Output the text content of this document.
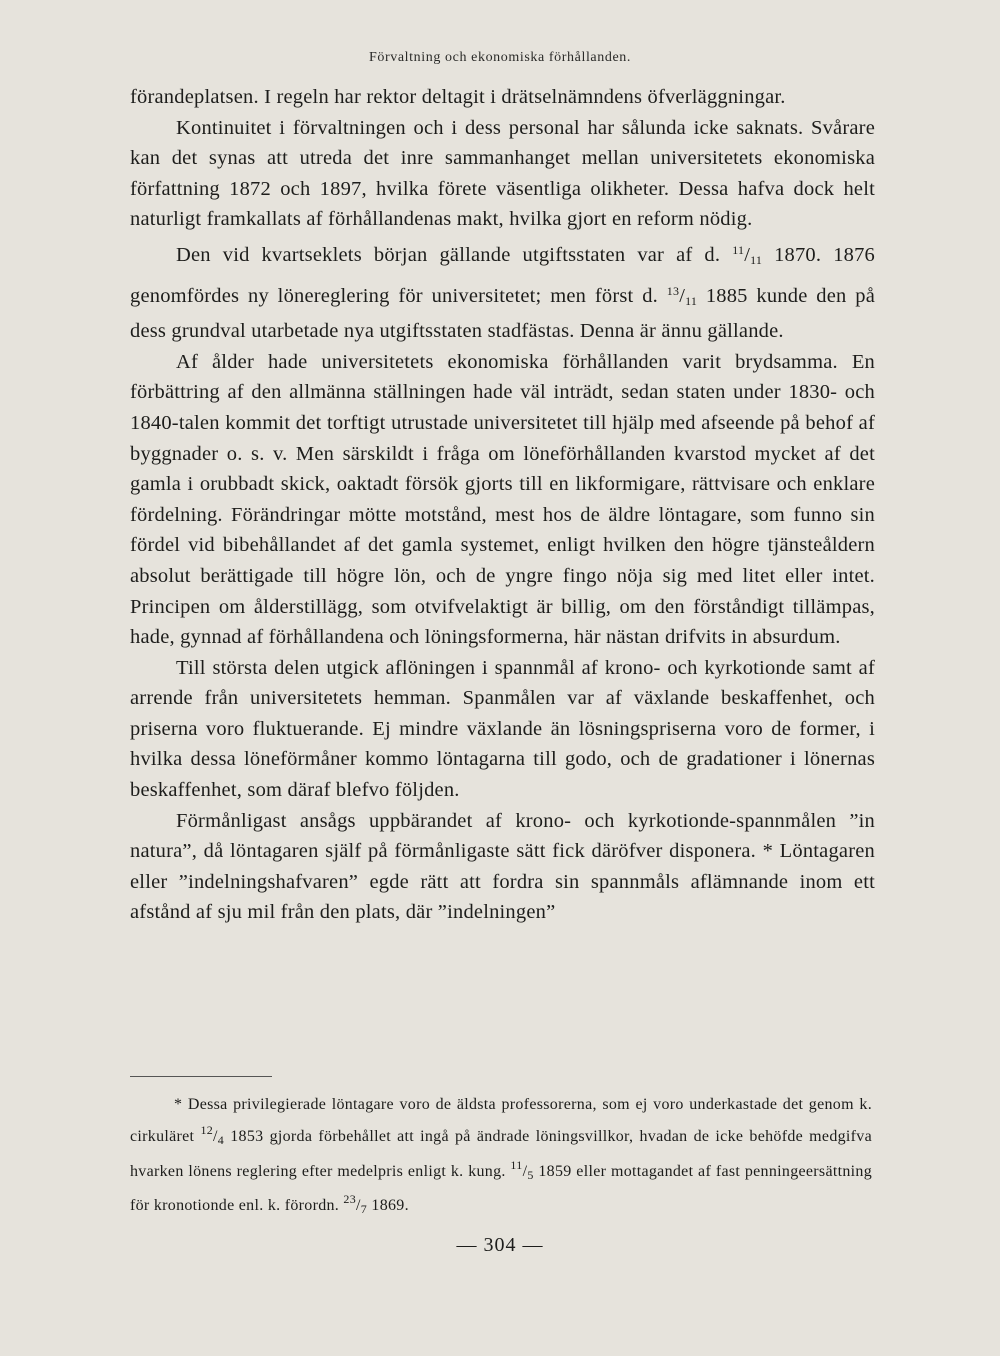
Förvaltning och ekonomiska förhållanden.

förandeplatsen. I regeln har rektor deltagit i drätselnämndens öfverläggningar.

Kontinuitet i förvaltningen och i dess personal har sålunda icke saknats. Svårare kan det synas att utreda det inre sammanhanget mellan universitetets ekonomiska författning 1872 och 1897, hvilka förete väsentliga olikheter. Dessa hafva dock helt naturligt framkallats af förhållandenas makt, hvilka gjort en reform nödig.

Den vid kvartseklets början gällande utgiftsstaten var af d. $^{11}$/11 1870. 1876 genomfördes ny lönereglering för universitetet; men först d. $^{13}$/11 1885 kunde den på dess grundval utarbetade nya utgiftsstaten stadfästas. Denna är ännu gällande.

Af ålder hade universitetets ekonomiska förhållanden varit brydsamma. En förbättring af den allmänna ställningen hade väl inträdt, sedan staten under 1830- och 1840-talen kommit det torftigt utrustade universitetet till hjälp med afseende på behof af byggnader o. s. v. Men särskildt i fråga om löneförhållanden kvarstod mycket af det gamla i orubbadt skick, oaktadt försök gjorts till en likformigare, rättvisare och enklare fördelning. Förändringar mötte motstånd, mest hos de äldre löntagare, som funno sin fördel vid bibehållandet af det gamla systemet, enligt hvilken den högre tjänsteåldern absolut berättigade till högre lön, och de yngre fingo nöja sig med litet eller intet. Principen om ålderstillägg, som otvifvelaktigt är billig, om den förståndigt tillämpas, hade, gynnad af förhållandena och löningsformerna, här nästan drifvits in absurdum.

Till största delen utgick aflöningen i spannmål af krono- och kyrkotionde samt af arrende från universitetets hemman. Spanmålen var af växlande beskaffenhet, och priserna voro fluktuerande. Ej mindre växlande än lösningspriserna voro de former, i hvilka dessa löneförmåner kommo löntagarna till godo, och de gradationer i lönernas beskaffenhet, som däraf blefvo följden.

Förmånligast ansågs uppbärandet af krono- och kyrkotionde-spannmålen ”in natura”, då löntagaren själf på förmånligaste sätt fick däröfver disponera. * Löntagaren eller ”indelningshafvaren” egde rätt att fordra sin spannmåls aflämnande inom ett afstånd af sju mil från den plats, där ”indelningen”

* Dessa privilegierade löntagare voro de äldsta professorerna, som ej voro underkastade det genom k. cirkuläret $^{12}$/4 1853 gjorda förbehållet att ingå på ändrade löningsvillkor, hvadan de icke behöfde medgifva hvarken lönens reglering efter medelpris enligt k. kung. $^{11}$/5 1859 eller mottagandet af fast penningeersättning för kronotionde enl. k. förordn. $^{23}$/7 1869.

— 304 —
